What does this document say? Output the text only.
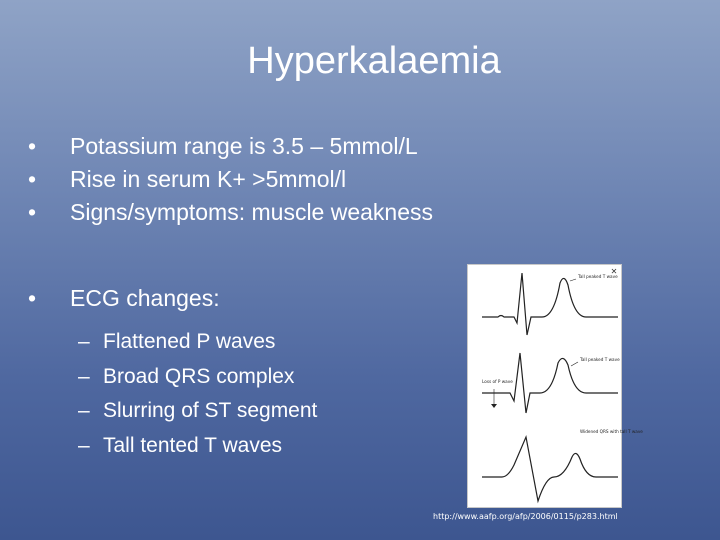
Hyperkalaemia
•	Potassium range is 3.5 – 5mmol/L
•	Rise in serum K+ >5mmol/l
•	Signs/symptoms: muscle weakness
•	ECG changes:
– Flattened P waves
– Broad QRS complex
– Slurring of ST segment
– Tall tented T waves
✕
Tall peaked T wave
Tall peaked T wave
Loss of P wave
Widened QRS with tall T wave
http://www.aafp.org/afp/2006/0115/p283.html
